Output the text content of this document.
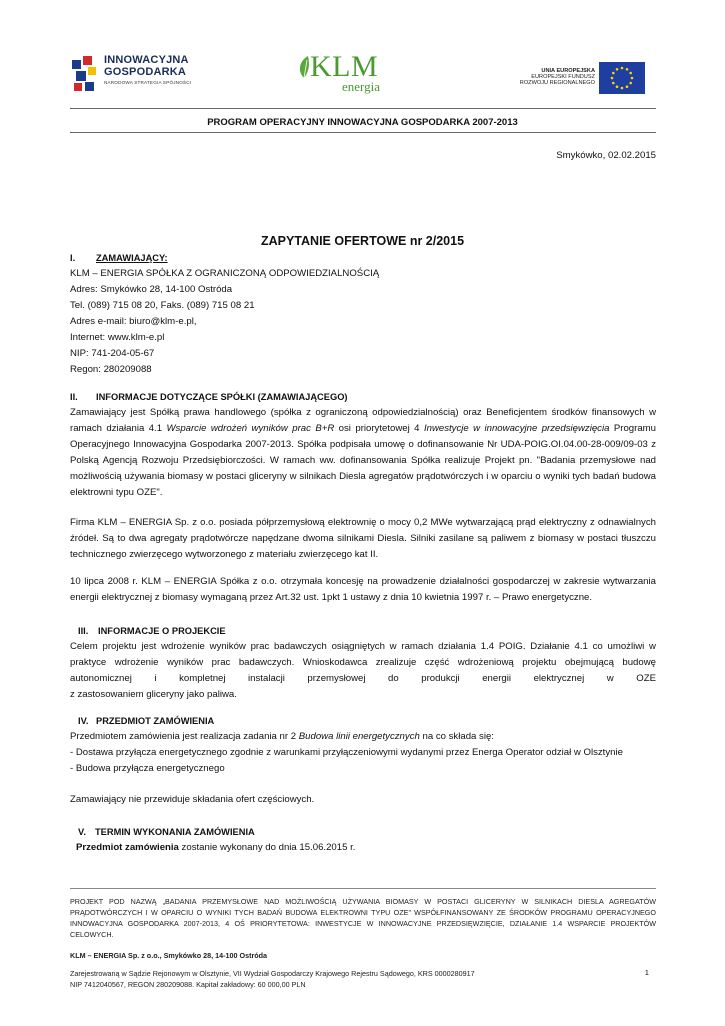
INNOWACYJNA
GOSPODARKA
NARODOWA STRATEGIA SPÓJNOŚCI	KLM
energia
UNIA EUROPEJSKA
EUROPEJSKI FUNDUSZ
ROZWOJU REGIONALNEGO
PROGRAM OPERACYJNY INNOWACYJNA GOSPODARKA 2007-2013
Smykówko, 02.02.2015
ZAPYTANIE OFERTOWE nr 2/2015
I. ZAMAWIAJĄCY:
KLM – ENERGIA SPÓŁKA Z OGRANICZONĄ ODPOWIEDZIALNOŚCIĄ
Adres: Smykówko 28, 14-100 Ostróda
Tel. (089) 715 08 20, Faks. (089) 715 08 21
Adres e-mail: biuro@klm-e.pl,
Internet: www.klm-e.pl
NIP: 741-204-05-67
Regon: 280209088
II. INFORMACJE DOTYCZĄCE SPÓŁKI (ZAMAWIAJĄCEGO)
Zamawiający jest Spółką prawa handlowego (spółka z ograniczoną odpowiedzialnością) oraz Beneficjentem środków finansowych w ramach działania 4.1 Wsparcie wdrożeń wyników prac B+R osi priorytetowej 4 Inwestycje w innowacyjne przedsięwzięcia Programu Operacyjnego Innowacyjna Gospodarka 2007-2013. Spółka podpisała umowę o dofinansowanie Nr UDA-POIG.OI.04.00-28-009/09-03 z Polską Agencją Rozwoju Przedsiębiorczości. W ramach ww. dofinansowania Spółka realizuje Projekt pn. "Badania przemysłowe nad możliwością używania biomasy w postaci gliceryny w silnikach Diesla agregatów prądotwórczych i w oparciu o wyniki tych badań budowa elektrowni typu OZE".
Firma KLM – ENERGIA Sp. z o.o. posiada półprzemysłową elektrownię o mocy 0,2 MWe wytwarzającą prąd elektryczny z odnawialnych źródeł. Są to dwa agregaty prądotwórcze napędzane dwoma silnikami Diesla. Silniki zasilane są paliwem z biomasy w postaci tłuszczu technicznego zwierzęcego wytworzonego z materiału zwierzęcego kat II.
10 lipca 2008 r. KLM – ENERGIA Spółka z o.o. otrzymała koncesję na prowadzenie działalności gospodarczej w zakresie wytwarzania energii elektrycznej z biomasy wymaganą przez Art.32 ust. 1pkt 1 ustawy z dnia 10 kwietnia 1997 r. – Prawo energetyczne.
III. INFORMACJE O PROJEKCIE
Celem projektu jest wdrożenie wyników prac badawczych osiągniętych w ramach działania 1.4 POIG. Działanie 4.1 co umożliwi w praktyce wdrożenie wyników prac badawczych. Wnioskodawca zrealizuje część wdrożeniową projektu obejmującą budowę autonomicznej i kompletnej instalacji przemysłowej do produkcji energii elektrycznej w OZE
z zastosowaniem gliceryny jako paliwa.
IV. PRZEDMIOT ZAMÓWIENIA
Przedmiotem zamówienia jest realizacja zadania nr 2 Budowa linii energetycznych na co składa się:
- Dostawa przyłącza energetycznego zgodnie z warunkami przyłączeniowymi wydanymi przez Energa Operator odział w Olsztynie
- Budowa przyłącza energetycznego
Zamawiający nie przewiduje składania ofert częściowych.
V. TERMIN WYKONANIA ZAMÓWIENIA
Przedmiot zamówienia zostanie wykonany do dnia 15.06.2015 r.
PROJEKT POD NAZWĄ „BADANIA PRZEMYSŁOWE NAD MOŻLIWOŚCIĄ UŻYWANIA BIOMASY W POSTACI GLICERYNY W SILNIKACH DIESLA AGREGATÓW PRĄDOTWÓRCZYCH I W OPARCIU O WYNIKI TYCH BADAŃ BUDOWA ELEKTROWNI TYPU OZE” WSPÓŁFINANSOWANY ZE ŚRODKÓW PROGRAMU OPERACYJNEGO INNOWACYJNA GOSPODARKA 2007-2013, 4 OŚ PRIORYTETOWA: INWESTYCJE W INNOWACYJNE PRZEDSIĘWZIĘCIE, DZIAŁANIE 1.4 WSPARCIE PROJEKTÓW CELOWYCH.
KLM – ENERGIA Sp. z o.o., Smykówko 28, 14-100 Ostróda
Zarejestrowaną w Sądzie Rejonowym w Olsztynie, VII Wydział Gospodarczy Krajowego Rejestru Sądowego, KRS 0000280917
NIP 7412040567, REGON 280209088. Kapitał zakładowy: 60 000,00 PLN
1
